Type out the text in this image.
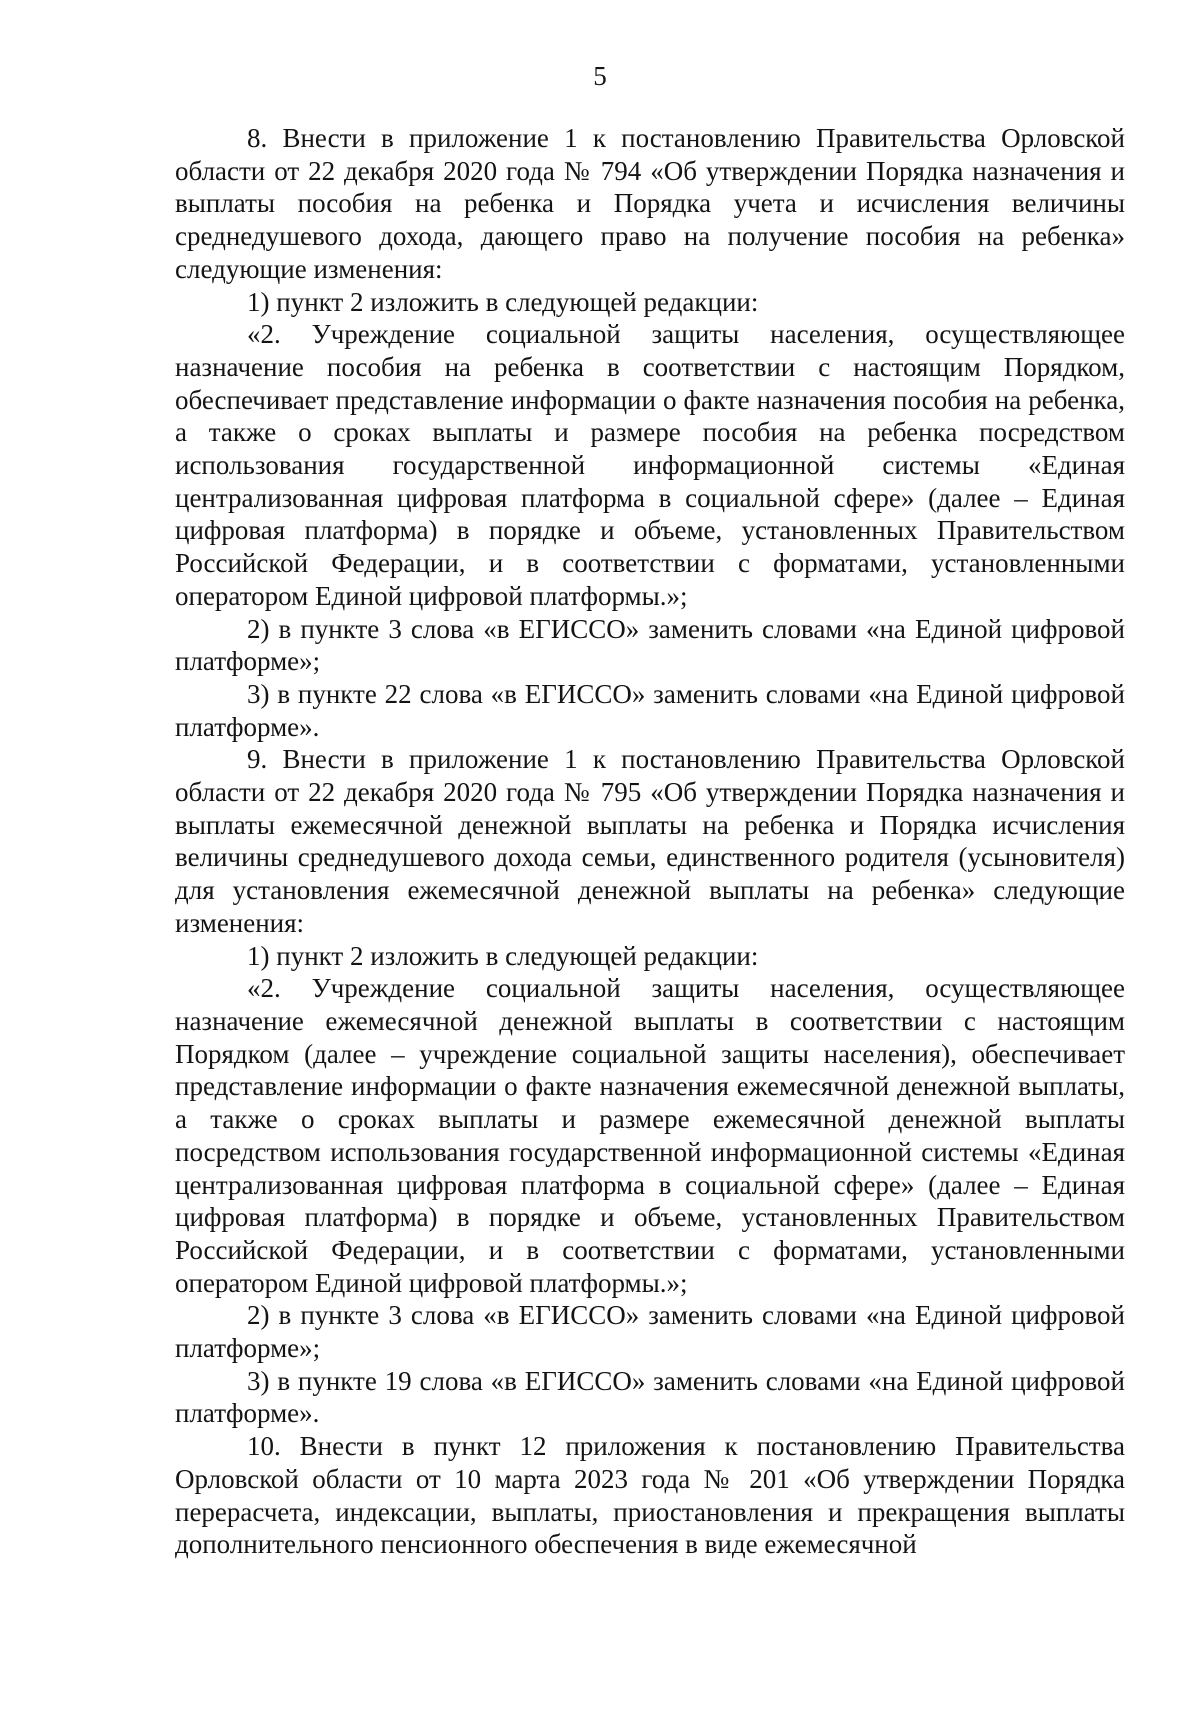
5

8. Внести в приложение 1 к постановлению Правительства Орловской области от 22 декабря 2020 года № 794 «Об утверждении Порядка назначения и выплаты пособия на ребенка и Порядка учета и исчисления величины среднедушевого дохода, дающего право на получение пособия на ребенка» следующие изменения:

1) пункт 2 изложить в следующей редакции:

«2. Учреждение социальной защиты населения, осуществляющее назначение пособия на ребенка в соответствии с настоящим Порядком, обеспечивает представление информации о факте назначения пособия на ребенка, а также о сроках выплаты и размере пособия на ребенка посредством использования государственной информационной системы «Единая централизованная цифровая платформа в социальной сфере» (далее – Единая цифровая платформа) в порядке и объеме, установленных Правительством Российской Федерации, и в соответствии с форматами, установленными оператором Единой цифровой платформы.»;

2) в пункте 3 слова «в ЕГИССО» заменить словами «на Единой цифровой платформе»;

3) в пункте 22 слова «в ЕГИССО» заменить словами «на Единой цифровой платформе».

9. Внести в приложение 1 к постановлению Правительства Орловской области от 22 декабря 2020 года № 795 «Об утверждении Порядка назначения и выплаты ежемесячной денежной выплаты на ребенка и Порядка исчисления величины среднедушевого дохода семьи, единственного родителя (усыновителя) для установления ежемесячной денежной выплаты на ребенка» следующие изменения:

1) пункт 2 изложить в следующей редакции:

«2. Учреждение социальной защиты населения, осуществляющее назначение ежемесячной денежной выплаты в соответствии с настоящим Порядком (далее – учреждение социальной защиты населения), обеспечивает представление информации о факте назначения ежемесячной денежной выплаты, а также о сроках выплаты и размере ежемесячной денежной выплаты посредством использования государственной информационной системы «Единая централизованная цифровая платформа в социальной сфере» (далее – Единая цифровая платформа) в порядке и объеме, установленных Правительством Российской Федерации, и в соответствии с форматами, установленными оператором Единой цифровой платформы.»;

2) в пункте 3 слова «в ЕГИССО» заменить словами «на Единой цифровой платформе»;

3) в пункте 19 слова «в ЕГИССО» заменить словами «на Единой цифровой платформе».

10. Внести в пункт 12 приложения к постановлению Правительства Орловской области от 10 марта 2023 года № 201 «Об утверждении Порядка перерасчета, индексации, выплаты, приостановления и прекращения выплаты дополнительного пенсионного обеспечения в виде ежемесячной
